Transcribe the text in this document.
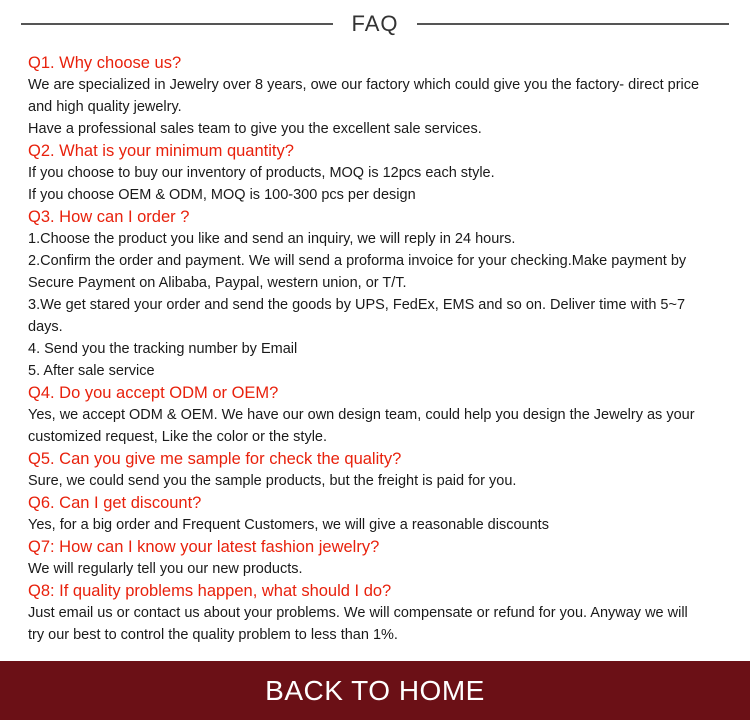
FAQ

Q1. Why choose us?

We are specialized in Jewelry over 8 years, owe our factory which could give you the factory- direct price

and high quality jewelry.

Have a professional sales team to give you the excellent sale services.

Q2. What is your minimum quantity?

If you choose to buy our inventory of products, MOQ is 12pcs each style.

If you choose OEM & ODM, MOQ is 100-300 pcs per design

Q3. How can I order ?

1.Choose the product you like and send an inquiry, we will reply in 24 hours.

2.Confirm the order and payment. We will send a proforma invoice for your checking.Make payment by

Secure Payment on Alibaba, Paypal, western union, or T/T.

3.We get stared your order and send the goods by UPS, FedEx, EMS and so on. Deliver time with 5~7

days.

4. Send you the tracking number by Email

5. After sale service

Q4. Do you accept ODM or OEM?

Yes, we accept ODM & OEM. We have our own design team, could help you design the Jewelry as your

customized request, Like the color or the style.

Q5. Can you give me sample for check the quality?

Sure, we could send you the sample products, but the freight is paid for you.

Q6. Can I get discount?

Yes, for a big order and Frequent Customers, we will give a reasonable discounts

Q7: How can I know your latest fashion jewelry?

We will regularly tell you our new products.

Q8: If quality problems happen, what should I do?

Just email us or contact us about your problems. We will compensate or refund for you. Anyway we will

try our best to control the quality problem to less than 1%.

BACK TO HOME
